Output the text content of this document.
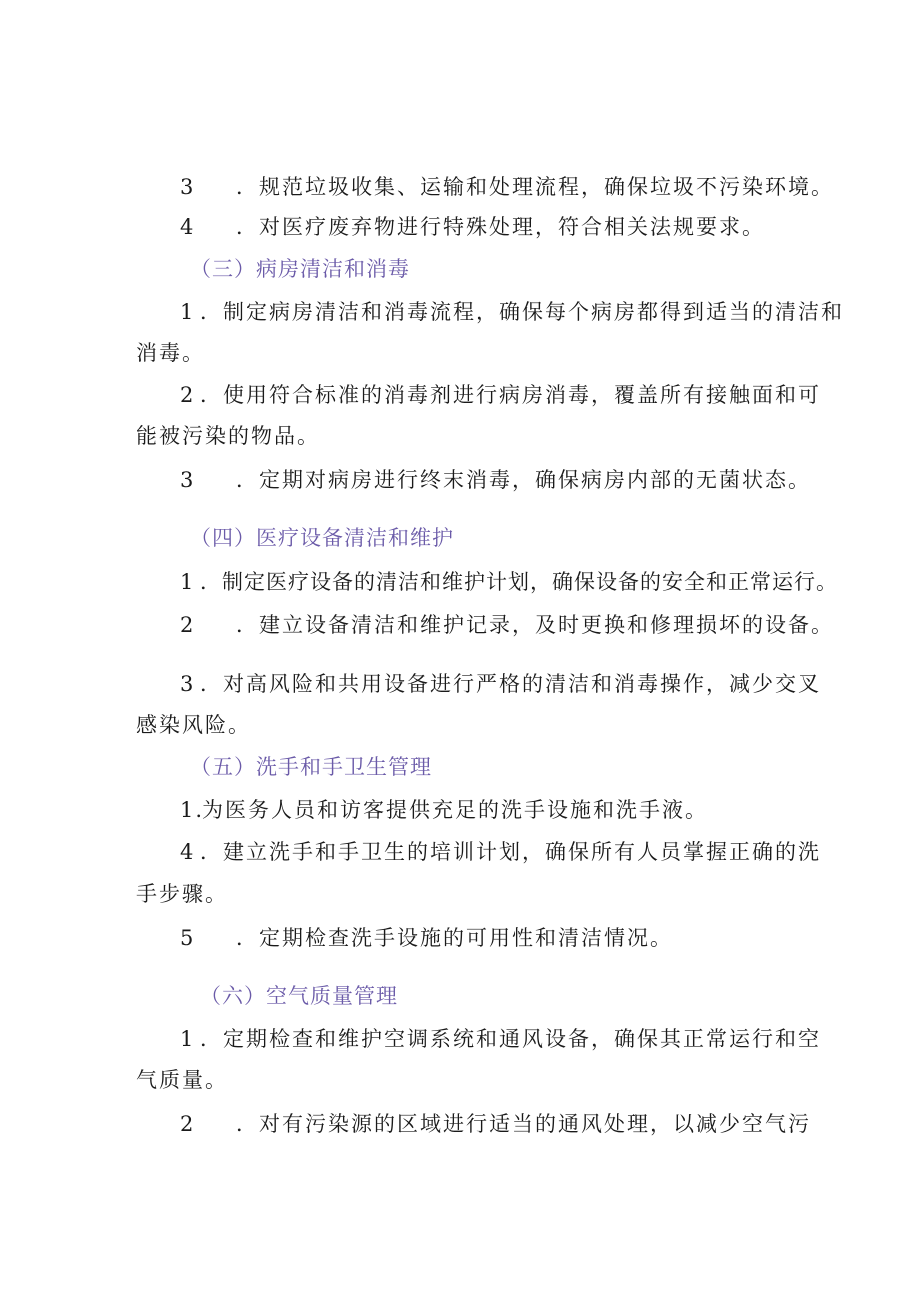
3 ．规范垃圾收集、运输和处理流程，确保垃圾不污染环境。
4 ．对医疗废弃物进行特殊处理，符合相关法规要求。
（三）病房清洁和消毒
1 ．制定病房清洁和消毒流程，确保每个病房都得到适当的清洁和
消毒。
2 ．使用符合标准的消毒剂进行病房消毒，覆盖所有接触面和可
能被污染的物品。
3 ．定期对病房进行终末消毒，确保病房内部的无菌状态。
（四）医疗设备清洁和维护
1 ．制定医疗设备的清洁和维护计划，确保设备的安全和正常运行。
2 ．建立设备清洁和维护记录，及时更换和修理损坏的设备。
3 ．对高风险和共用设备进行严格的清洁和消毒操作，减少交叉
感染风险。
（五）洗手和手卫生管理
1.为医务人员和访客提供充足的洗手设施和洗手液。
4 ．建立洗手和手卫生的培训计划，确保所有人员掌握正确的洗
手步骤。
5 ．定期检查洗手设施的可用性和清洁情况。
（六）空气质量管理
1 ．定期检查和维护空调系统和通风设备，确保其正常运行和空
气质量。
2 ．对有污染源的区域进行适当的通风处理，以减少空气污
